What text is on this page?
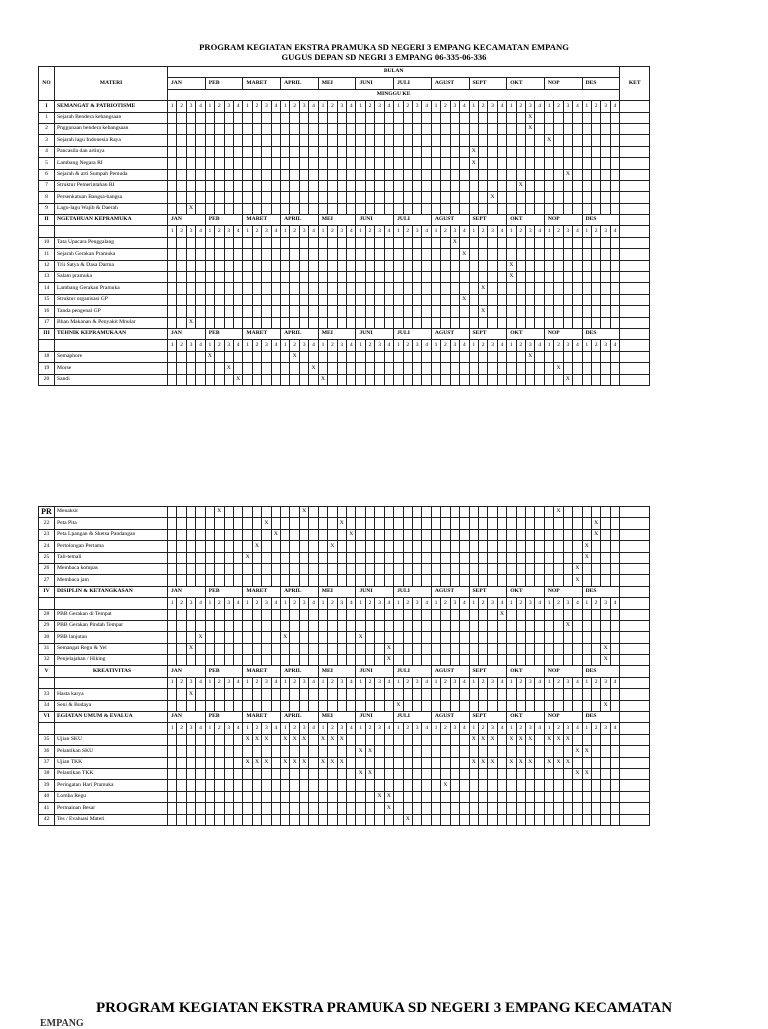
PROGRAM KEGIATAN EKSTRA PRAMUKA SD NEGERI 3 EMPANG KECAMATAN EMPANG
GUGUS DEPAN SD NEGRI 3 EMPANG 06-335-06-336
NO	MATERI	BULAN																																																KET
		JAN				PEB				MARET				APRIL				MEI				JUNI				JULI				AGUST				SEPT				OKT				NOP				DES				
		MINGGU KE																																																
I	SEMANGAT & PATRIOTISME	1	2	3	4	1	2	3	4	1	2	3	4	1	2	3	4	1	2	3	4	1	2	3	4	1	2	3	4	1	2	3	4	1	2	3	4	1	2	3	4	1	2	3	4	1	2	3	4	
1	Sejarah Bendera kebangsaan																																							X										
2	Pnggunaan bendera kebangsaan																																							X										
3	Sejarah lagu Indonesia Raya																																									X								
4	Pancasila dan artinya																																	X																
5	Lambang Negara RI																																	X																
6	Sejarah & arti Sumpah Pemuda																																											X						
7	Struktur Pemerintahan RI																																						X											
8	Persenkatuan Bangsa-bangsa																																			X														
9	Lagu-lagu Wajib & Daerah			X																																														
II	NGETAHUAN KEPRAMUKA	JAN				PEB				MARET				APRIL				MEI				JUNI				JULI				AGUST				SEPT				OKT				NOP				DES				
		1	2	3	4	1	2	3	4	1	2	3	4	1	2	3	4	1	2	3	4	1	2	3	4	1	2	3	4	1	2	3	4	1	2	3	4	1	2	3	4	1	2	3	4	1	2	3	4	
10	Tata Upacara Penggalang																															X																		
11	Sejarah Gerakan Pramuka																																X																	
12	Trii Satya & Dasa Darma																																					X												
13	Salam pramuka																																					X												
14	Lambang Gerakan Pramuka																																		X															
15	Struktur organisasi GP																																X																	
16	Tanda pengenal GP																																		X															
17	Bhan Makanan & Penyakit Mnular			X																																														
III	TEHNIK KEPRAMUKAAN	JAN				PEB				MARET				APRIL				MEI				JUNI				JULI				AGUST				SEPT				OKT				NOP				DES				
		1	2	3	4	1	2	3	4	1	2	3	4	1	2	3	4	1	2	3	4	1	2	3	4	1	2	3	4	1	2	3	4	1	2	3	4	1	2	3	4	1	2	3	4	1	2	3	4	
18	Semaphore					X									X																									X										
19	Morse							X									X																										X							
20	Sandi								X									X																										X						
PR	Menaksir						X									X																											X							
22	Peta Pita											X								X																											X			
23	Peta Lpangan & Sketsa Pandangan												X								X																										X			
24	Pertolongan Pertama										X								X																											X				
25	Tali-temali									X																																				X				
26	Membaca kompas																																												X					
27	Membaca jam																																												X					
IV	DISIPLIN & KETANGKASAN	JAN				PEB				MARET				APRIL				MEI				JUNI				JULI				AGUST				SEPT				OKT				NOP				DES				
		1	2	3	4	1	2	3	4	1	2	3	4	1	2	3	4	1	2	3	4	1	2	3	4	1	2	3	4	1	2	3	4	1	2	3	4	1	2	3	4	1	2	3	4	1	2	3	4	
28	PBB Gerakan di Tempat																																				X													
29	PBB Gerakan Pindah Tempat																																											X						
30	PBB lanjutan				X									X								X																												
31	Semangat Regu & Yel			X																					X																							X		
32	Penjelajahan / Hiking																								X																							X		
V	KREATIVITAS	JAN				PEB				MARET				APRIL				MEI				JUNI				JULI				AGUST				SEPT				OKT				NOP				DES				
		1	2	3	4	1	2	3	4	1	2	3	4	1	2	3	4	1	2	3	4	1	2	3	4	1	2	3	4	1	2	3	4	1	2	3	4	1	2	3	4	1	2	3	4	1	2	3	4	
33	Hasta karya			X																																														
34	Seni & Budaya																									X																						X		
VI	EGIATAN UMUM & EVALUA	JAN				PEB				MARET				APRIL				MEI				JUNI				JULI				AGUST				SEPT				OKT				NOP				DES				
		1	2	3	4	1	2	3	4	1	2	3	4	1	2	3	4	1	2	3	4	1	2	3	4	1	2	3	4	1	2	3	4	1	2	3	4	1	2	3	4	1	2	3	4	1	2	3	4	
35	Ujian SKU									X	X	X		X	X	X		X	X	X														X	X	X		X	X	X		X	X	X						
36	Pelantikan SKU																					X	X																						X	X				
37	Ujian TKK									X	X	X		X	X	X		X	X	X														X	X	X		X	X	X		X	X	X						
38	Pelantikan TKK																					X	X																						X	X				
39	Peringatan Hari Pramuka																														X																			
40	Lomba Regu																							X	X																									
41	Permainan Besar																								X																									
42	Tes / Evaluasi Materi																										X																							
PROGRAM KEGIATAN EKSTRA PRAMUKA SD NEGERI 3 EMPANG KECAMATAN
EMPANG
